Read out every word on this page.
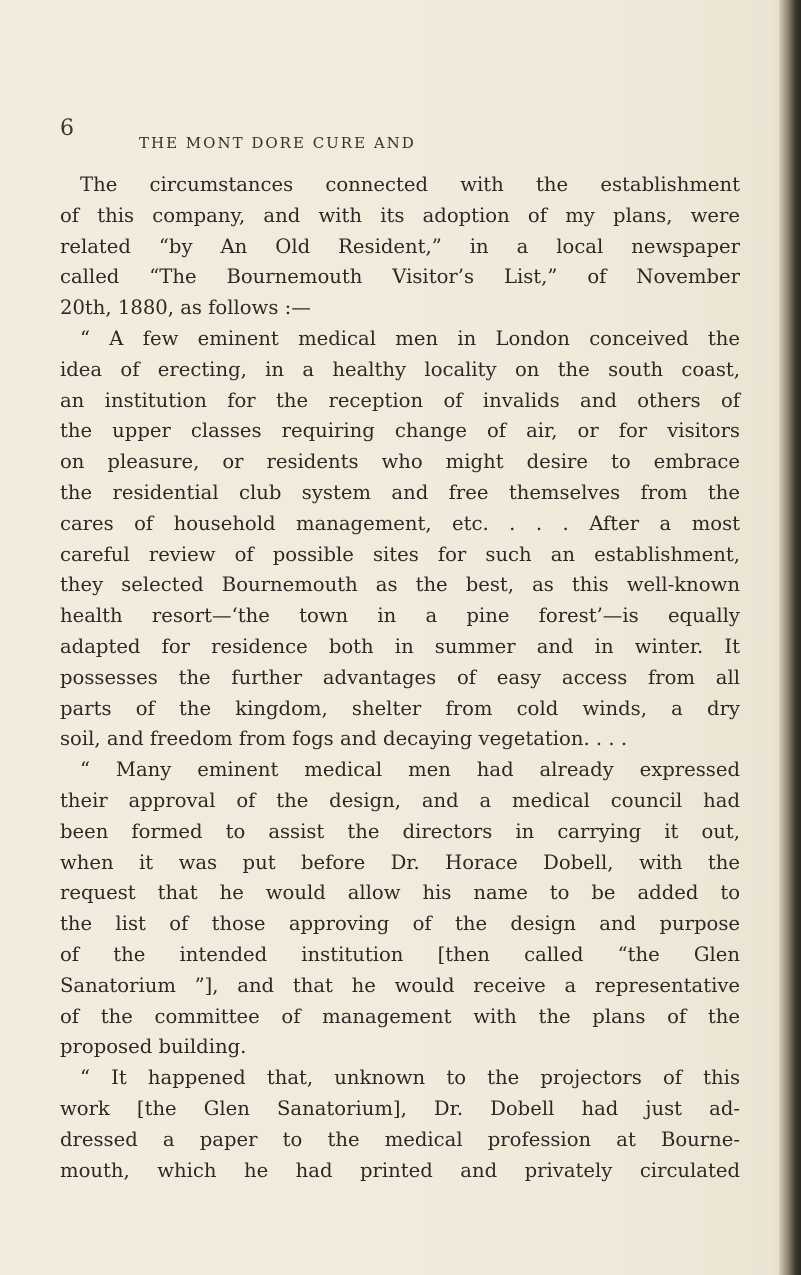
6
THE MONT DORE CURE AND
The circumstances connected with the establishment
of this company, and with its adoption of my plans, were
related “by An Old Resident,” in a local newspaper
called “The Bournemouth Visitor’s List,” of November
20th, 1880, as follows :—
“ A few eminent medical men in London conceived the
idea of erecting, in a healthy locality on the south coast,
an institution for the reception of invalids and others of
the upper classes requiring change of air, or for visitors
on pleasure, or residents who might desire to embrace
the residential club system and free themselves from the
cares of household management, etc. . . . After a most
careful review of possible sites for such an establishment,
they selected Bournemouth as the best, as this well-known
health resort—‘the town in a pine forest’—is equally
adapted for residence both in summer and in winter. It
possesses the further advantages of easy access from all
parts of the kingdom, shelter from cold winds, a dry
soil, and freedom from fogs and decaying vegetation. . . .
“ Many eminent medical men had already expressed
their approval of the design, and a medical council had
been formed to assist the directors in carrying it out,
when it was put before Dr. Horace Dobell, with the
request that he would allow his name to be added to
the list of those approving of the design and purpose
of the intended institution [then called “the Glen
Sanatorium ”], and that he would receive a representative
of the committee of management with the plans of the
proposed building.
“ It happened that, unknown to the projectors of this
work [the Glen Sanatorium], Dr. Dobell had just ad-
dressed a paper to the medical profession at Bourne-
mouth, which he had printed and privately circulated
